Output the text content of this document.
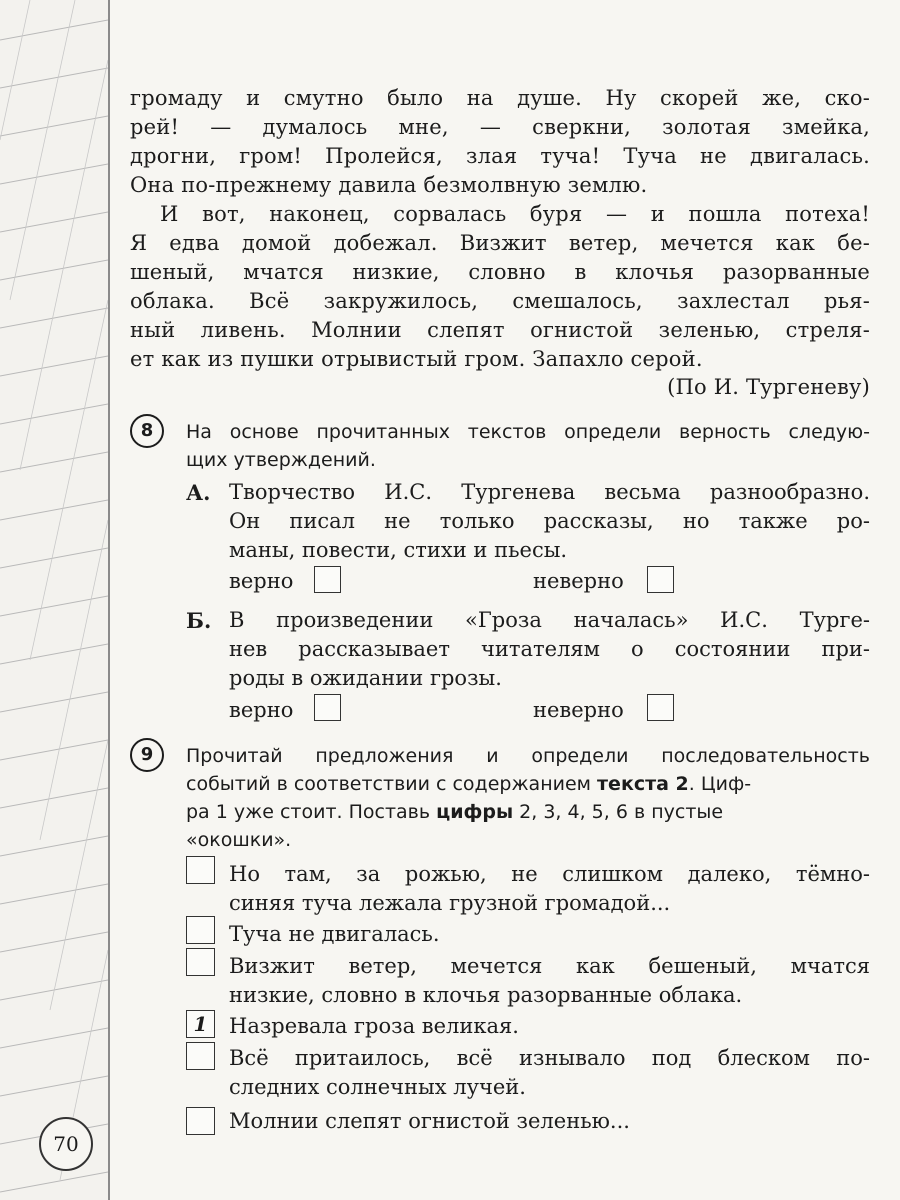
громаду и смутно было на душе. Ну скорей же, ско-
рей! — думалось мне, — сверкни, золотая змейка,
дрогни, гром! Пролейся, злая туча! Туча не двигалась.
Она по-прежнему давила безмолвную землю.
И вот, наконец, сорвалась буря — и пошла потеха!
Я едва домой добежал. Визжит ветер, мечется как бе-
шеный, мчатся низкие, словно в клочья разорванные
облака. Всё закружилось, смешалось, захлестал рья-
ный ливень. Молнии слепят огнистой зеленью, стреля-
ет как из пушки отрывистый гром. Запахло серой.
(По И. Тургеневу)
8	На основе прочитанных текстов определи верность следую-
щих утверждений.
А. Творчество И.С. Тургенева весьма разнообразно.
Он писал не только рассказы, но также ро-
маны, повести, стихи и пьесы.
верно	неверно
Б. В произведении «Гроза началась» И.С. Турге-
нев рассказывает читателям о состоянии при-
роды в ожидании грозы.
верно	неверно
9	Прочитай предложения и определи последовательность
событий в соответствии с содержанием текста 2. Циф-
ра 1 уже стоит. Поставь цифры 2, 3, 4, 5, 6 в пустые
«окошки».
Но там, за рожью, не слишком далеко, тёмно-
синяя туча лежала грузной громадой...
Туча не двигалась.
Визжит ветер, мечется как бешеный, мчатся
низкие, словно в клочья разорванные облака.
1	Назревала гроза великая.
Всё притаилось, всё изнывало под блеском по-
следних солнечных лучей.
Молнии слепят огнистой зеленью...
70
